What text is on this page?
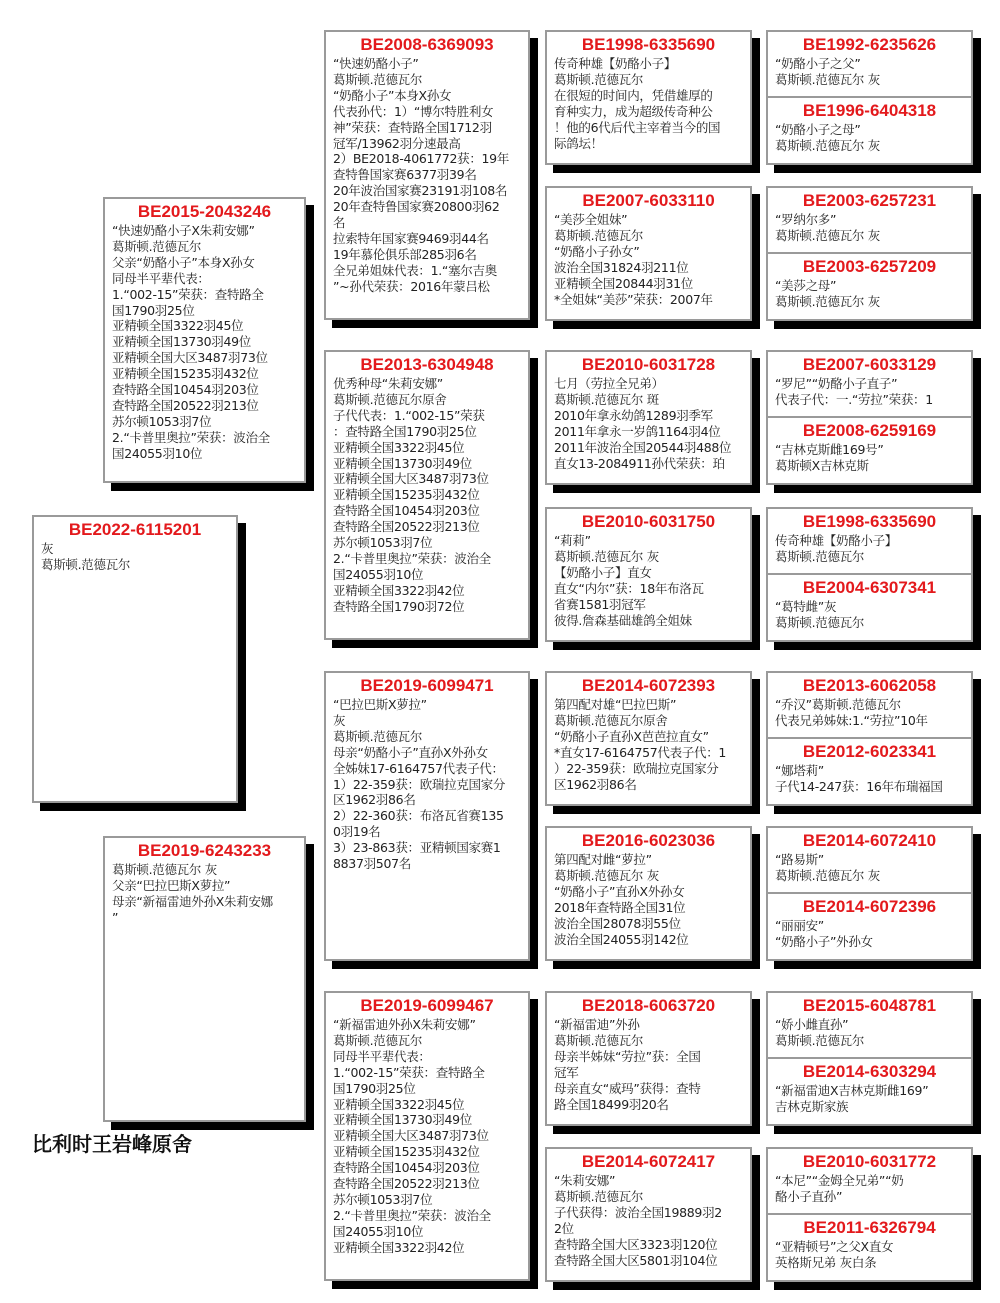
BE2022-6115201
灰
葛斯顿.范德瓦尔
BE2015-2043246
“快速奶酪小子X朱莉安娜”
葛斯顿.范德瓦尔
父亲“奶酪小子”本身X孙女
同母半平辈代表：
1.“002-15”荣获：查特路全
国1790羽25位
亚精顿全国3322羽45位
亚精顿全国13730羽49位
亚精顿全国大区3487羽73位
亚精顿全国15235羽432位
查特路全国10454羽203位
查特路全国20522羽213位
苏尔顿1053羽7位
2.“卡普里奥拉”荣获：波治全
国24055羽10位
BE2019-6243233
葛斯顿.范德瓦尔 灰
父亲“巴拉巴斯X萝拉”
母亲“新福雷迪外孙X朱莉安娜
”
BE2008-6369093
“快速奶酪小子”
葛斯顿.范德瓦尔
“奶酪小子”本身X孙女
代表孙代：1）“博尔特胜利女
神”荣获：查特路全国1712羽
冠军/13962羽分速最高
2）BE2018-4061772获：19年
查特鲁国家赛6377羽39名
20年波治国家赛23191羽108名
20年查特鲁国家赛20800羽62
名
拉索特年国家赛9469羽44名
19年慕伦俱乐部285羽6名
全兄弟姐妹代表：1.“塞尔吉奥
”~孙代荣获：2016年蒙吕松
BE2013-6304948
优秀种母“朱莉安娜”
葛斯顿.范德瓦尔原舍
子代代表：1.“002-15”荣获
：查特路全国1790羽25位
亚精顿全国3322羽45位
亚精顿全国13730羽49位
亚精顿全国大区3487羽73位
亚精顿全国15235羽432位
查特路全国10454羽203位
查特路全国20522羽213位
苏尔顿1053羽7位
2.“卡普里奥拉”荣获：波治全
国24055羽10位
亚精顿全国3322羽42位
查特路全国1790羽72位
BE2019-6099471
“巴拉巴斯X萝拉”
灰
葛斯顿.范德瓦尔
母亲“奶酪小子”直孙X外孙女
全姊妹17-6164757代表子代：
1）22-359获：欧瑞拉克国家分
区1962羽86名
2）22-360获：布洛瓦省赛135
0羽19名
3）23-863获：亚精顿国家赛1
8837羽507名
BE2019-6099467
“新福雷迪外孙X朱莉安娜”
葛斯顿.范德瓦尔
同母半平辈代表：
1.“002-15”荣获：查特路全
国1790羽25位
亚精顿全国3322羽45位
亚精顿全国13730羽49位
亚精顿全国大区3487羽73位
亚精顿全国15235羽432位
查特路全国10454羽203位
查特路全国20522羽213位
苏尔顿1053羽7位
2.“卡普里奥拉”荣获：波治全
国24055羽10位
亚精顿全国3322羽42位
BE1998-6335690
传奇种雄【奶酪小子】
葛斯顿.范德瓦尔
在很短的时间内，凭借雄厚的
育种实力，成为超级传奇种公
！他的6代后代主宰着当今的国
际鸽坛！
BE2007-6033110
“美莎全姐妹”
葛斯顿.范德瓦尔
“奶酪小子孙女”
波治全国31824羽211位
亚精顿全国20844羽31位
*全姐妹“美莎”荣获：2007年
BE2010-6031728
七月（劳拉全兄弟）
葛斯顿.范德瓦尔 斑
2010年拿永幼鸽1289羽季军
2011年拿永一岁鸽1164羽4位
2011年波治全国20544羽488位
直女13-2084911孙代荣获：珀
BE2010-6031750
“莉莉”
葛斯顿.范德瓦尔 灰
【奶酪小子】直女
直女“内尔”获：18年布洛瓦
省赛1581羽冠军
彼得.詹森基础雄鸽全姐妹
BE2014-6072393
第四配对雄“巴拉巴斯”
葛斯顿.范德瓦尔原舍
“奶酪小子直孙X芭芭拉直女”
*直女17-6164757代表子代：1
）22-359获：欧瑞拉克国家分
区1962羽86名
BE2016-6023036
第四配对雌“萝拉”
葛斯顿.范德瓦尔 灰
“奶酪小子”直孙X外孙女
2018年查特路全国31位
波治全国28078羽55位
波治全国24055羽142位
BE2018-6063720
“新福雷迪”外孙
葛斯顿.范德瓦尔
母亲半姊妹“劳拉”获：全国
冠军
母亲直女“威玛”获得：查特
路全国18499羽20名
BE2014-6072417
“朱莉安娜”
葛斯顿.范德瓦尔
子代获得：波治全国19889羽2
2位
查特路全国大区3323羽120位
查特路全国大区5801羽104位
BE1992-6235626
“奶酪小子之父”
葛斯顿.范德瓦尔 灰
BE1996-6404318
“奶酪小子之母”
葛斯顿.范德瓦尔 灰
BE2003-6257231
“罗纳尔多”
葛斯顿.范德瓦尔 灰
BE2003-6257209
“美莎之母”
葛斯顿.范德瓦尔 灰
BE2007-6033129
“罗尼”“奶酪小子直子”
代表子代：一.“劳拉”荣获：1
BE2008-6259169
“吉林克斯雌169号”
葛斯顿X吉林克斯
BE1998-6335690
传奇种雄【奶酪小子】
葛斯顿.范德瓦尔
BE2004-6307341
“葛特雌”灰
葛斯顿.范德瓦尔
BE2013-6062058
“乔汉”葛斯顿.范德瓦尔
代表兄弟姊妹:1.“劳拉”10年
BE2012-6023341
“娜塔莉”
子代14-247获：16年布瑞福国
BE2014-6072410
“路易斯”
葛斯顿.范德瓦尔 灰
BE2014-6072396
“丽丽安”
“奶酪小子”外孙女
BE2015-6048781
“娇小雌直孙”
葛斯顿.范德瓦尔
BE2014-6303294
“新福雷迪X吉林克斯雌169”
吉林克斯家族
BE2010-6031772
“本尼”“金姆全兄弟”“奶
酪小子直孙”
BE2011-6326794
“亚精顿号”之父X直女
英格斯兄弟 灰白条
比利时王岩峰原舍
